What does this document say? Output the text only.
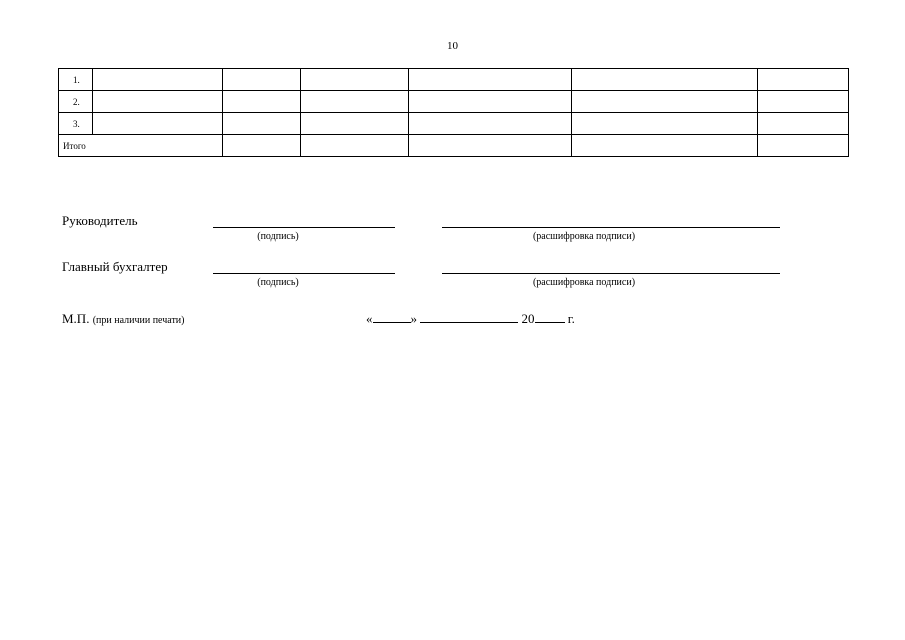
10
1.						
2.						
3.						
Итого						
Руководитель
(подпись)	(расшифровка подписи)
Главный бухгалтер
(подпись)	(расшифровка подписи)
М.П. (при наличии печати)	«	»	20	г.
